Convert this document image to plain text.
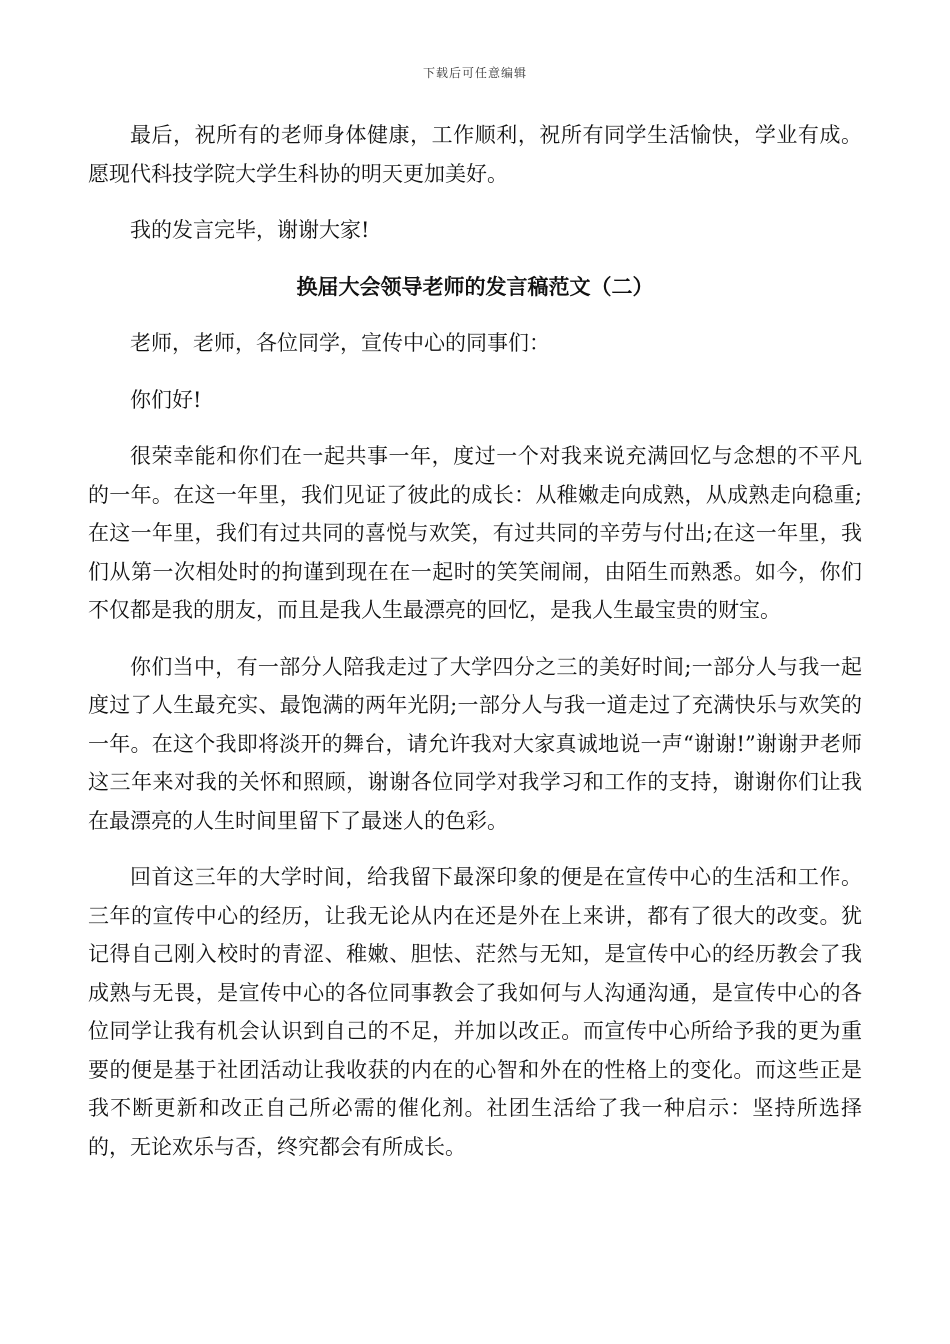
下载后可任意编辑

最后，祝所有的老师身体健康，工作顺利，祝所有同学生活愉快，学业有成。愿现代科技学院大学生科协的明天更加美好。

我的发言完毕，谢谢大家!

换届大会领导老师的发言稿范文（二）

老师，老师，各位同学，宣传中心的同事们：

你们好!

很荣幸能和你们在一起共事一年，度过一个对我来说充满回忆与念想的不平凡的一年。在这一年里，我们见证了彼此的成长：从稚嫩走向成熟，从成熟走向稳重;在这一年里，我们有过共同的喜悦与欢笑，有过共同的辛劳与付出;在这一年里，我们从第一次相处时的拘谨到现在在一起时的笑笑闹闹，由陌生而熟悉。如今，你们不仅都是我的朋友，而且是我人生最漂亮的回忆，是我人生最宝贵的财宝。

你们当中，有一部分人陪我走过了大学四分之三的美好时间;一部分人与我一起度过了人生最充实、最饱满的两年光阴;一部分人与我一道走过了充满快乐与欢笑的一年。在这个我即将淡开的舞台，请允许我对大家真诚地说一声“谢谢!”谢谢尹老师这三年来对我的关怀和照顾，谢谢各位同学对我学习和工作的支持，谢谢你们让我在最漂亮的人生时间里留下了最迷人的色彩。

回首这三年的大学时间，给我留下最深印象的便是在宣传中心的生活和工作。三年的宣传中心的经历，让我无论从内在还是外在上来讲，都有了很大的改变。犹记得自己刚入校时的青涩、稚嫩、胆怯、茫然与无知，是宣传中心的经历教会了我成熟与无畏，是宣传中心的各位同事教会了我如何与人沟通沟通，是宣传中心的各位同学让我有机会认识到自己的不足，并加以改正。而宣传中心所给予我的更为重要的便是基于社团活动让我收获的内在的心智和外在的性格上的变化。而这些正是我不断更新和改正自己所必需的催化剂。社团生活给了我一种启示：坚持所选择的，无论欢乐与否，终究都会有所成长。
